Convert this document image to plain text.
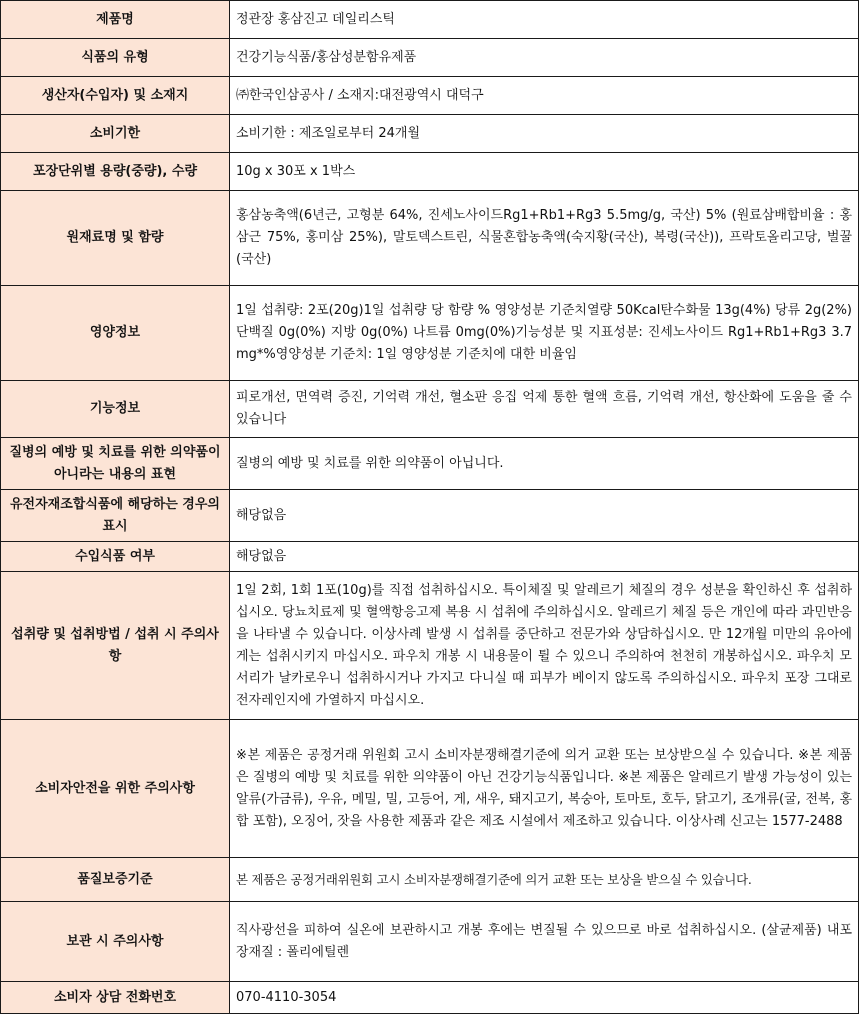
제품명	정관장 홍삼진고 데일리스틱
식품의 유형	건강기능식품/홍삼성분함유제품
생산자(수입자) 및 소재지	㈜한국인삼공사 / 소재지:대전광역시 대덕구
소비기한	소비기한 : 제조일로부터 24개월
포장단위별 용량(중량), 수량	10g x 30포 x 1박스
원재료명 및 함량	홍삼농축액(6년근, 고형분 64%, 진세노사이드Rg1+Rb1+Rg3 5.5mg/g, 국산) 5% (원료삼배합비율 : 홍삼근 75%, 홍미삼 25%), 말토덱스트린, 식물혼합농축액(숙지황(국산), 복령(국산)), 프락토올리고당, 벌꿀(국산)
영양정보	1일 섭취량: 2포(20g)1일 섭취량 당 함량 % 영양성분 기준치열량 50Kcal탄수화물 13g(4%) 당류 2g(2%) 단백질 0g(0%) 지방 0g(0%) 나트륨 0mg(0%)기능성분 및 지표성분: 진세노사이드 Rg1+Rb1+Rg3 3.7mg*%영양성분 기준치: 1일 영양성분 기준치에 대한 비율임
기능정보	피로개선, 면역력 증진, 기억력 개선, 혈소판 응집 억제 통한 혈액 흐름, 기억력 개선, 항산화에 도움을 줄 수 있습니다
질병의 예방 및 치료를 위한 의약품이 아니라는 내용의 표현	질병의 예방 및 치료를 위한 의약품이 아닙니다.
유전자재조합식품에 해당하는 경우의 표시	해당없음
수입식품 여부	해당없음
섭취량 및 섭취방법 / 섭취 시 주의사항	1일 2회, 1회 1포(10g)를 직접 섭취하십시오. 특이체질 및 알레르기 체질의 경우 성분을 확인하신 후 섭취하십시오. 당뇨치료제 및 혈액항응고제 복용 시 섭취에 주의하십시오. 알레르기 체질 등은 개인에 따라 과민반응을 나타낼 수 있습니다. 이상사례 발생 시 섭취를 중단하고 전문가와 상담하십시오. 만 12개월 미만의 유아에게는 섭취시키지 마십시오. 파우치 개봉 시 내용물이 튈 수 있으니 주의하여 천천히 개봉하십시오. 파우치 모서리가 날카로우니 섭취하시거나 가지고 다니실 때 피부가 베이지 않도록 주의하십시오. 파우치 포장 그대로 전자레인지에 가열하지 마십시오.
소비자안전을 위한 주의사항	※본 제품은 공정거래 위원회 고시 소비자분쟁해결기준에 의거 교환 또는 보상받으실 수 있습니다. ※본 제품은 질병의 예방 및 치료를 위한 의약품이 아닌 건강기능식품입니다. ※본 제품은 알레르기 발생 가능성이 있는 알류(가금류), 우유, 메밀, 밀, 고등어, 게, 새우, 돼지고기, 복숭아, 토마토, 호두, 닭고기, 조개류(굴, 전복, 홍합 포함), 오징어, 잣을 사용한 제품과 같은 제조 시설에서 제조하고 있습니다. 이상사례 신고는 1577-2488
품질보증기준	본 제품은 공정거래위원회 고시 소비자분쟁해결기준에 의거 교환 또는 보상을 받으실 수 있습니다.
보관 시 주의사항	직사광선을 피하여 실온에 보관하시고 개봉 후에는 변질될 수 있으므로 바로 섭취하십시오. (살균제품) 내포장재질 : 폴리에틸렌
소비자 상담 전화번호	070-4110-3054
